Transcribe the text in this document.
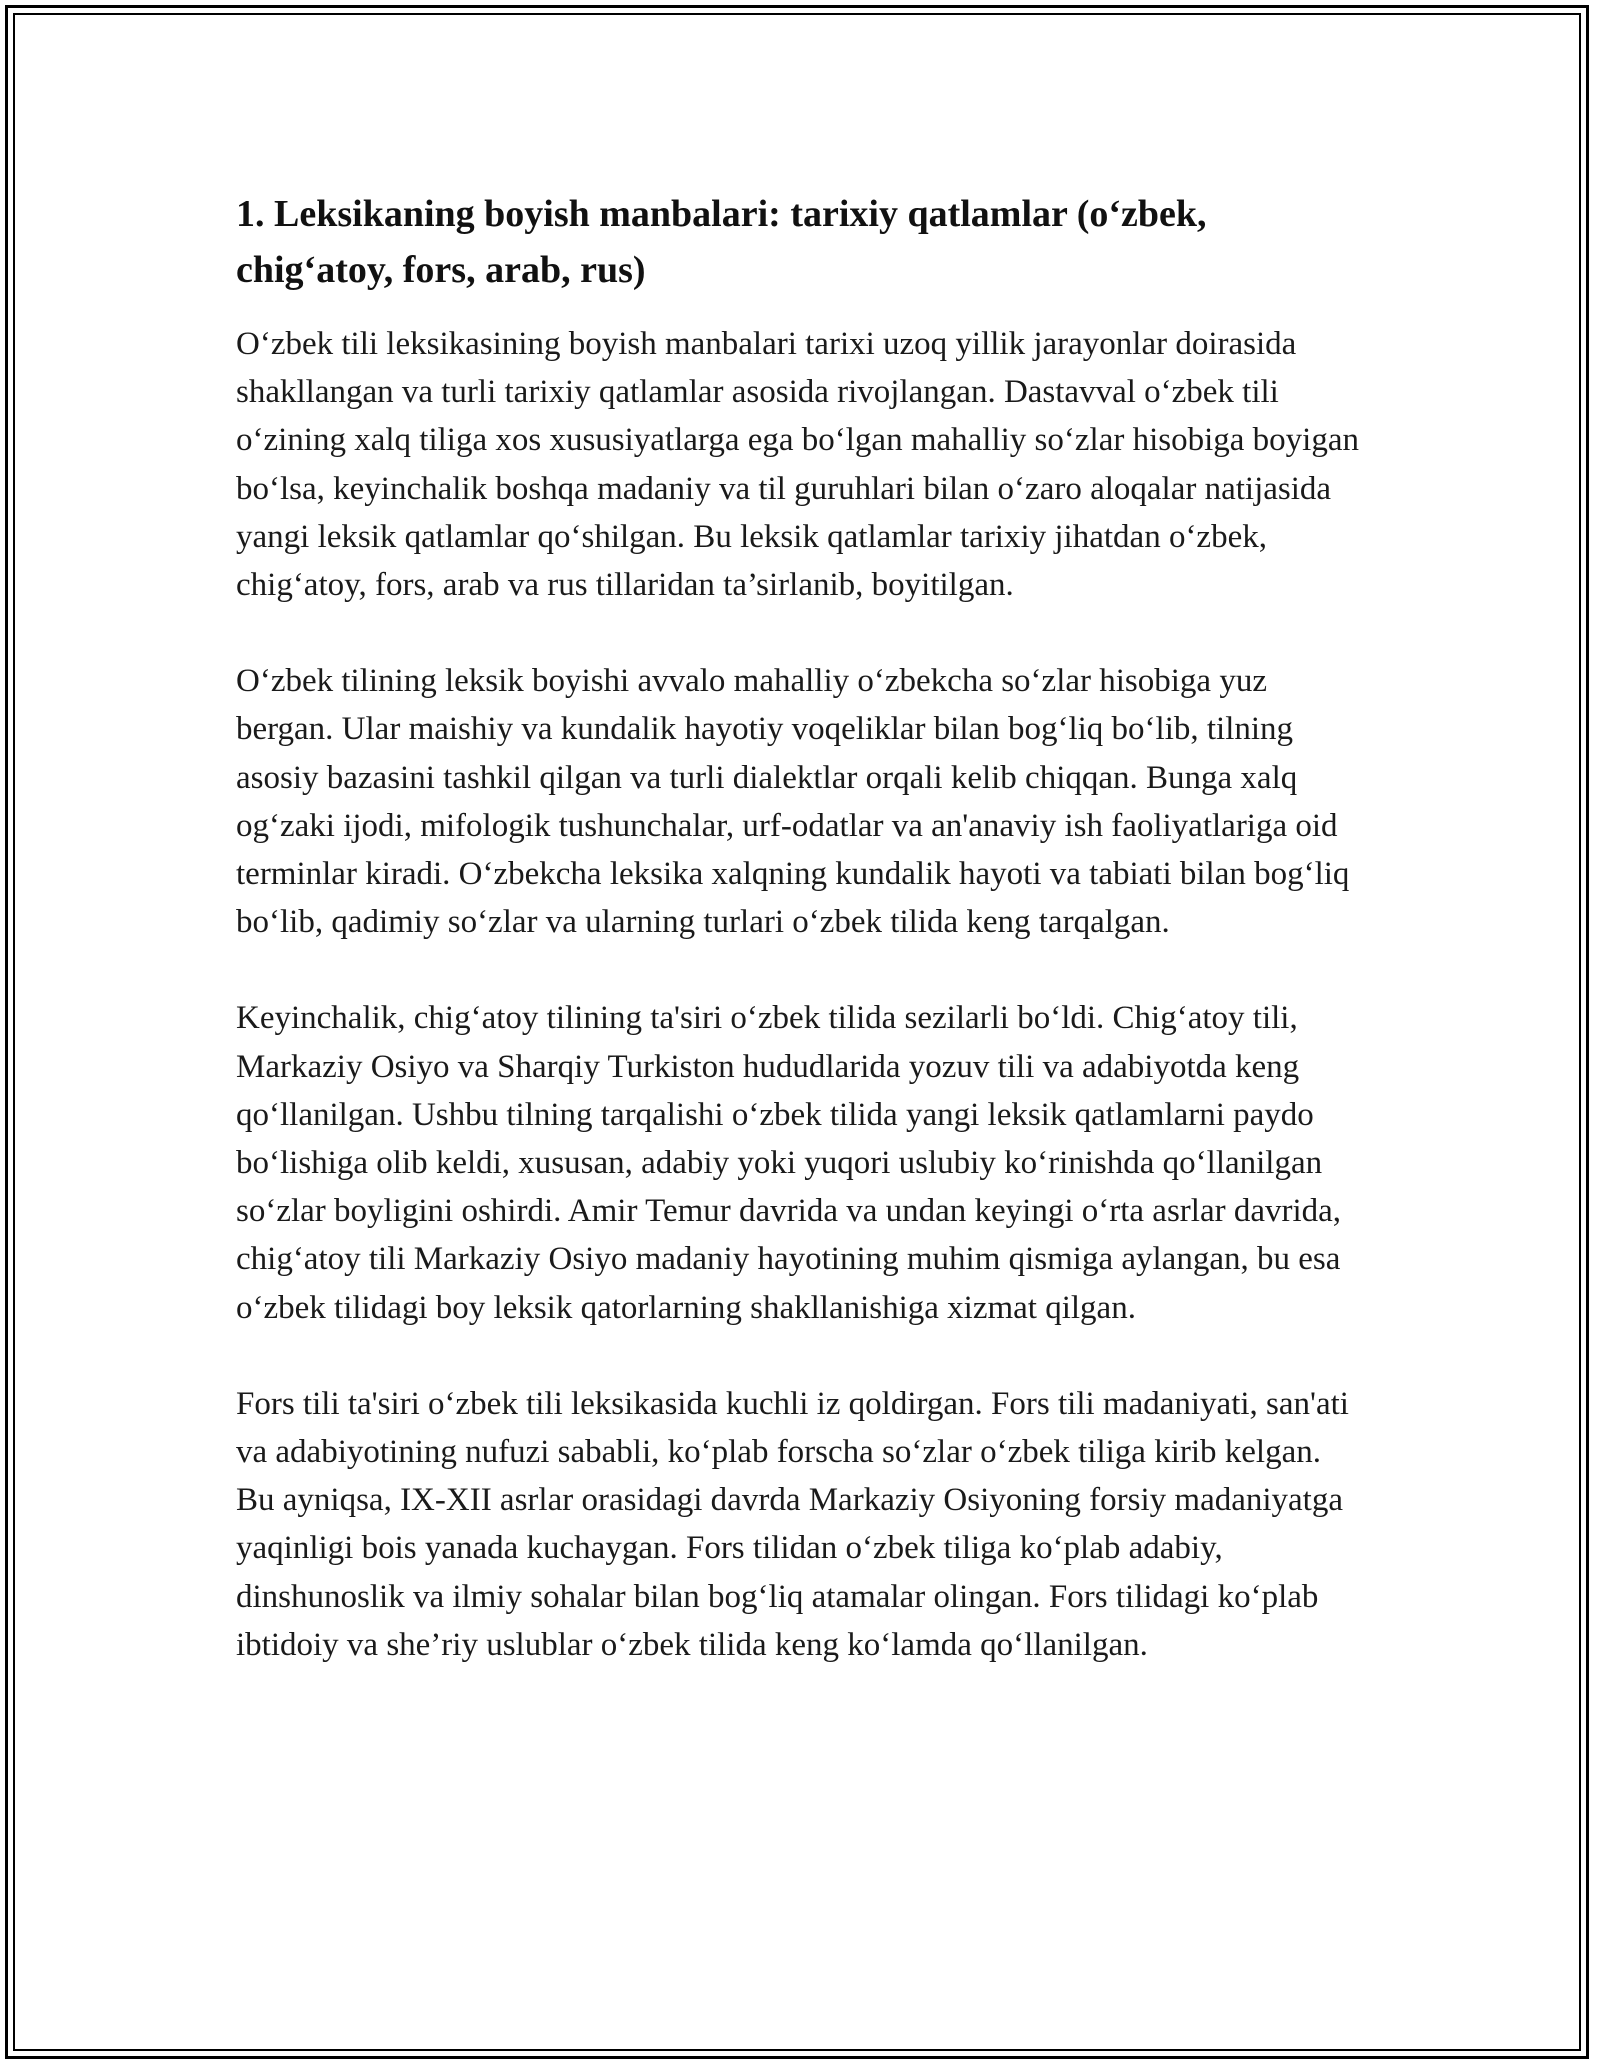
1. Leksikaning boyish manbalari: tarixiy qatlamlar (o‘zbek, chig‘atoy, fors, arab, rus)

O‘zbek tili leksikasining boyish manbalari tarixi uzoq yillik jarayonlar doirasida shakllangan va turli tarixiy qatlamlar asosida rivojlangan. Dastavval o‘zbek tili o‘zining xalq tiliga xos xususiyatlarga ega bo‘lgan mahalliy so‘zlar hisobiga boyigan bo‘lsa, keyinchalik boshqa madaniy va til guruhlari bilan o‘zaro aloqalar natijasida yangi leksik qatlamlar qo‘shilgan. Bu leksik qatlamlar tarixiy jihatdan o‘zbek, chig‘atoy, fors, arab va rus tillaridan ta’sirlanib, boyitilgan.

O‘zbek tilining leksik boyishi avvalo mahalliy o‘zbekcha so‘zlar hisobiga yuz bergan. Ular maishiy va kundalik hayotiy voqeliklar bilan bog‘liq bo‘lib, tilning asosiy bazasini tashkil qilgan va turli dialektlar orqali kelib chiqqan. Bunga xalq og‘zaki ijodi, mifologik tushunchalar, urf-odatlar va an'anaviy ish faoliyatlariga oid terminlar kiradi. O‘zbekcha leksika xalqning kundalik hayoti va tabiati bilan bog‘liq bo‘lib, qadimiy so‘zlar va ularning turlari o‘zbek tilida keng tarqalgan.

Keyinchalik, chig‘atoy tilining ta'siri o‘zbek tilida sezilarli bo‘ldi. Chig‘atoy tili, Markaziy Osiyo va Sharqiy Turkiston hududlarida yozuv tili va adabiyotda keng qo‘llanilgan. Ushbu tilning tarqalishi o‘zbek tilida yangi leksik qatlamlarni paydo bo‘lishiga olib keldi, xususan, adabiy yoki yuqori uslubiy ko‘rinishda qo‘llanilgan so‘zlar boyligini oshirdi. Amir Temur davrida va undan keyingi o‘rta asrlar davrida, chig‘atoy tili Markaziy Osiyo madaniy hayotining muhim qismiga aylangan, bu esa o‘zbek tilidagi boy leksik qatorlarning shakllanishiga xizmat qilgan.

Fors tili ta'siri o‘zbek tili leksikasida kuchli iz qoldirgan. Fors tili madaniyati, san'ati va adabiyotining nufuzi sababli, ko‘plab forscha so‘zlar o‘zbek tiliga kirib kelgan. Bu ayniqsa, IX-XII asrlar orasidagi davrda Markaziy Osiyoning forsiy madaniyatga yaqinligi bois yanada kuchaygan. Fors tilidan o‘zbek tiliga ko‘plab adabiy, dinshunoslik va ilmiy sohalar bilan bog‘liq atamalar olingan. Fors tilidagi ko‘plab ibtidoiy va she’riy uslublar o‘zbek tilida keng ko‘lamda qo‘llanilgan.
